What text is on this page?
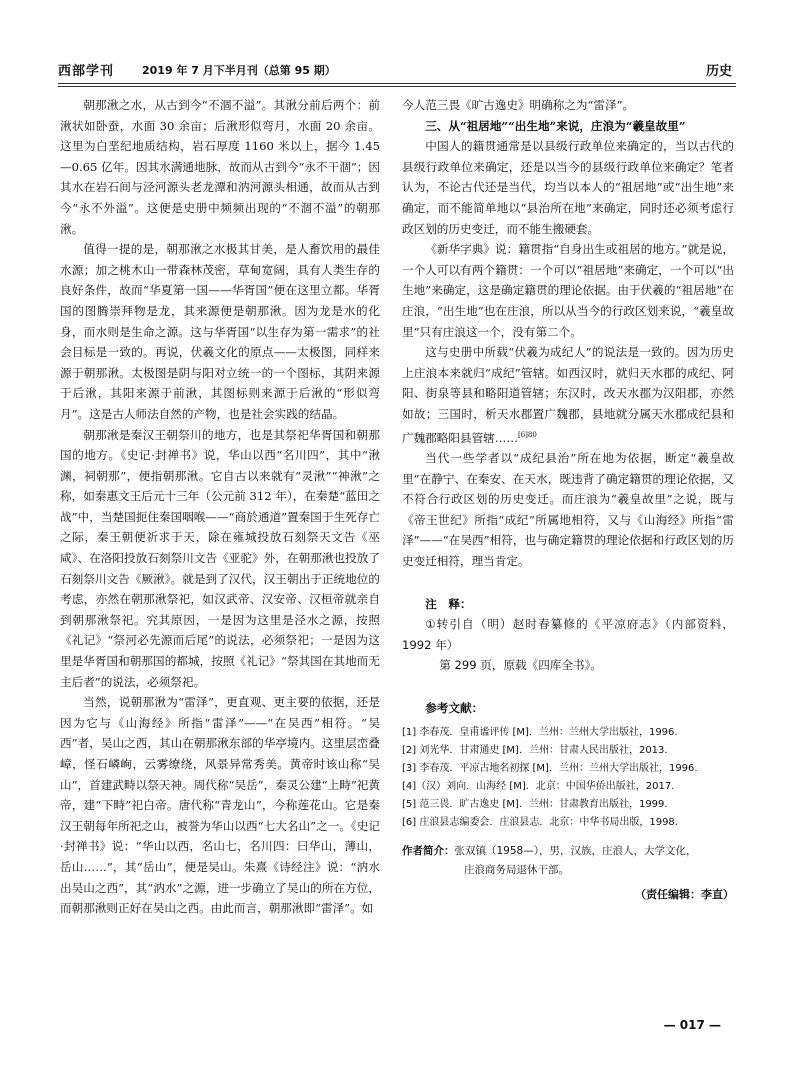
西部学刊	2019 年 7 月下半月刊（总第 95 期）	历史

朝那湫之水，从古到今“不涸不溢”。其湫分前后两个：前湫状如卧蚕，水面 30 余亩；后湫形似弯月，水面 20 余亩。这里为白垩纪地质结构，岩石厚度 1160 米以上，据今 1.45—0.65 亿年。因其水满通地脉，故而从古到今“永不干涸”；因其水在岩石间与泾河源头老龙潭和汭河源头相通，故而从古到今“永不外溢”。这便是史册中频频出现的“不涸不溢”的朝那湫。

值得一提的是，朝那湫之水极其甘美，是人畜饮用的最佳水源；加之桃木山一带森林茂密，草甸宽阔，具有人类生存的良好条件，故而“华夏第一国——华胥国”便在这里立都。华胥国的图腾崇拜物是龙，其来源便是朝那湫。因为龙是水的化身，而水则是生命之源。这与华胥国“以生存为第一需求”的社会目标是一致的。再说，伏羲文化的原点——太极图，同样来源于朝那湫。太极图是阴与阳对立统一的一个图标，其阴来源于后湫，其阳来源于前湫，其图标则来源于后湫的“形似弯月”。这是古人师法自然的产物，也是社会实践的结晶。

朝那湫是秦汉王朝祭川的地方，也是其祭祀华胥国和朝那国的地方。《史记·封禅书》说，华山以西“名川四”，其中“湫渊，祠朝那”，便指朝那湫。它自古以来就有“灵湫”“神湫”之称，如秦惠文王后元十三年（公元前 312 年），在秦楚“蓝田之战”中，当楚国扼住秦国咽喉——“商於通道”置秦国于生死存亡之际，秦王朝便祈求于天，除在雍城投放石刻祭天文告《巫咸》、在洛阳投放石刻祭川文告《亚驼》外，在朝那湫也投放了石刻祭川文告《厥湫》。就是到了汉代，汉王朝出于正统地位的考虑，亦然在朝那湫祭祀，如汉武帝、汉安帝、汉桓帝就亲自到朝那湫祭祀。究其原因，一是因为这里是泾水之源，按照《礼记》“祭河必先源而后尾”的说法，必须祭祀；一是因为这里是华胥国和朝那国的都城，按照《礼记》“祭其国在其地而无主后者”的说法，必须祭祀。

当然，说朝那湫为“雷泽”，更直观、更主要的依据，还是因为它与《山海经》所指“雷泽”——“在吴西”相符。“吴西”者，吴山之西，其山在朝那湫东部的华亭境内。这里层峦叠嶂，怪石嶙峋，云雾缭绕，风景异常秀美。黄帝时该山称“吴山”，首建武畤以祭天神。周代称“吴岳”，秦灵公建“上畤”祀黄帝，建“下畤”祀白帝。唐代称“青龙山”，今称莲花山。它是秦汉王朝每年所祀之山，被誉为华山以西“七大名山”之一。《史记·封禅书》说：“华山以西，名山七，名川四：曰华山，薄山，岳山……”，其“岳山”，便是吴山。朱熹《诗经注》说：“汭水出吴山之西”，其“汭水”之源，进一步确立了吴山的所在方位，而朝那湫则正好在吴山之西。由此而言，朝那湫即“雷泽”。如

今人范三畏《旷古逸史》明确称之为“雷泽”。

三、从“祖居地”“出生地”来说，庄浪为“羲皇故里”

中国人的籍贯通常是以县级行政单位来确定的，当以古代的县级行政单位来确定，还是以当今的县级行政单位来确定？笔者认为，不论古代还是当代，均当以本人的“祖居地”或“出生地”来确定，而不能简单地以“县治所在地”来确定，同时还必须考虑行政区划的历史变迁，而不能生搬硬套。

《新华字典》说：籍贯指“自身出生或祖居的地方。”就是说，一个人可以有两个籍贯：一个可以“祖居地”来确定，一个可以“出生地”来确定，这是确定籍贯的理论依据。由于伏羲的“祖居地”在庄浪，“出生地”也在庄浪，所以从当今的行政区划来说，“羲皇故里”只有庄浪这一个，没有第二个。

这与史册中所载“伏羲为成纪人”的说法是一致的。因为历史上庄浪本来就归“成纪”管辖。如西汉时，就归天水郡的成纪、阿阳、街泉等县和略阳道管辖；东汉时，改天水郡为汉阳郡，亦然如故；三国时，析天水郡置广魏郡，县地就分属天水郡成纪县和广魏郡略阳县管辖……$^{[6]80}$

当代一些学者以“成纪县治”所在地为依据，断定“羲皇故里”在静宁、在秦安、在天水，既违背了确定籍贯的理论依据，又不符合行政区划的历史变迁。而庄浪为“羲皇故里”之说，既与《帝王世纪》所指“成纪”所属地相符，又与《山海经》所指“雷泽”——“在吴西”相符，也与确定籍贯的理论依据和行政区划的历史变迁相符，理当肯定。

注　释：

①转引自（明）赵时春纂修的《平凉府志》（内部资料，1992 年）
第 299 页，原载《四库全书》。

参考文献：

[1] 李春茂．皇甫谧评传 [M]．兰州：兰州大学出版社，1996.
[2] 刘光华．甘肃通史 [M]．兰州：甘肃人民出版社，2013.
[3] 李春茂．平凉古地名初探 [M]．兰州：兰州大学出版社，1996.
[4]（汉）刘向．山海经 [M]．北京：中国华侨出版社，2017.
[5] 范三畏．旷古逸史 [M]．兰州：甘肃教育出版社，1999.
[6] 庄浪县志编委会．庄浪县志．北京：中华书局出版，1998.
作者简介：张双镇（1958—），男，汉族，庄浪人，大学文化，
庄浪商务局退休干部。
（责任编辑：李直）
— 017 —
